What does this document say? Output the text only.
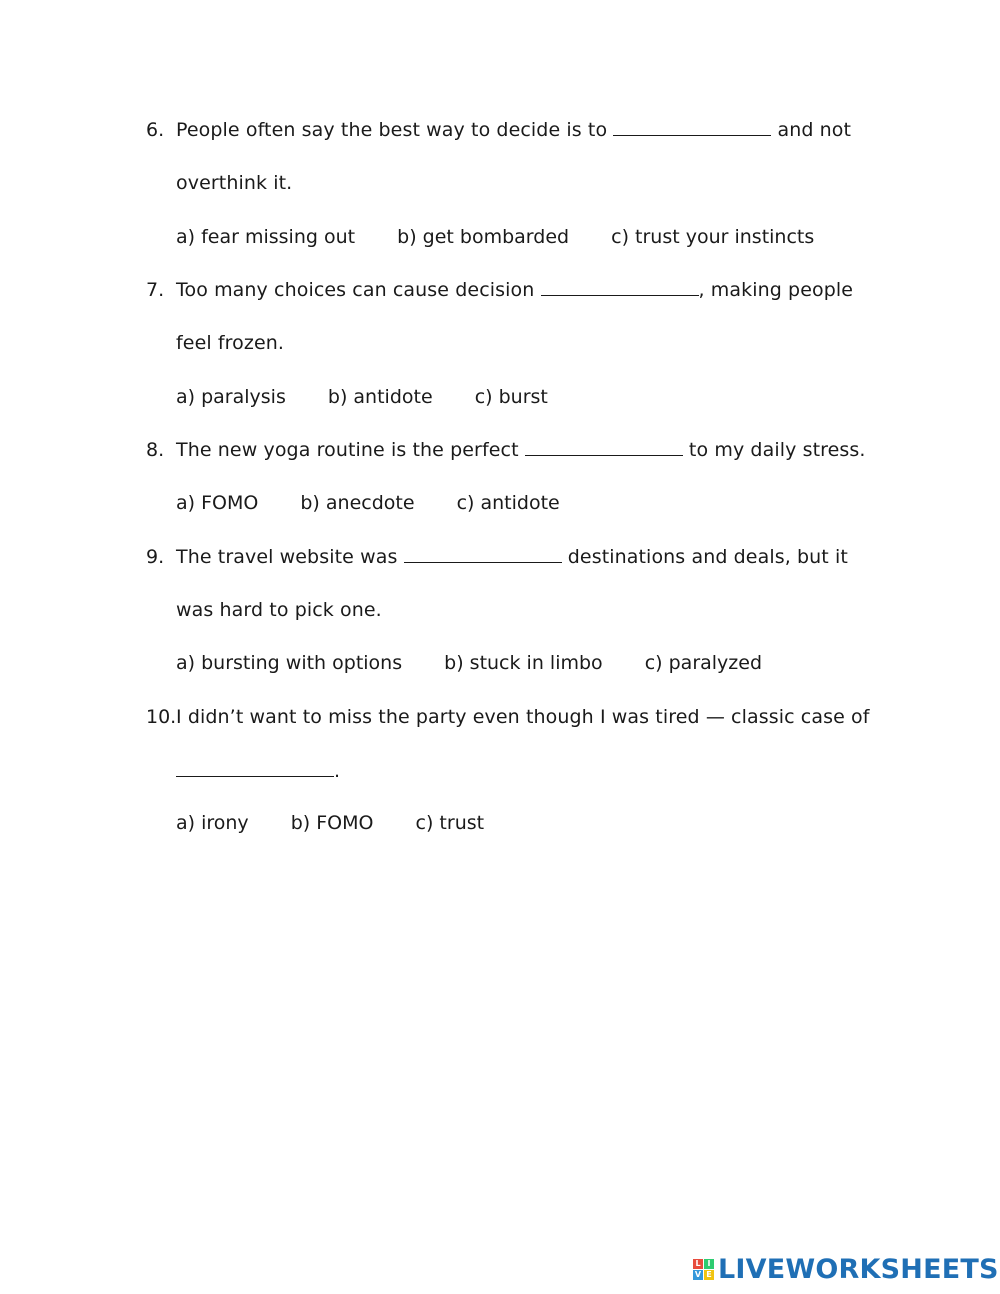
6. People often say the best way to decide is to	and not
overthink it.
a) fear missing out b) get bombarded c) trust your instincts
7. Too many choices can cause decision	, making people
feel frozen.
a) paralysis b) antidote c) burst
8. The new yoga routine is the perfect	to my daily stress.
a) FOMO b) anecdote c) antidote
9. The travel website was	destinations and deals, but it
was hard to pick one.
a) bursting with options b) stuck in limbo c) paralyzed
10. I didn’t want to miss the party even though I was tired — classic case of
.
a) irony b) FOMO c) trust
L I
V E LIVEWORKSHEETS
